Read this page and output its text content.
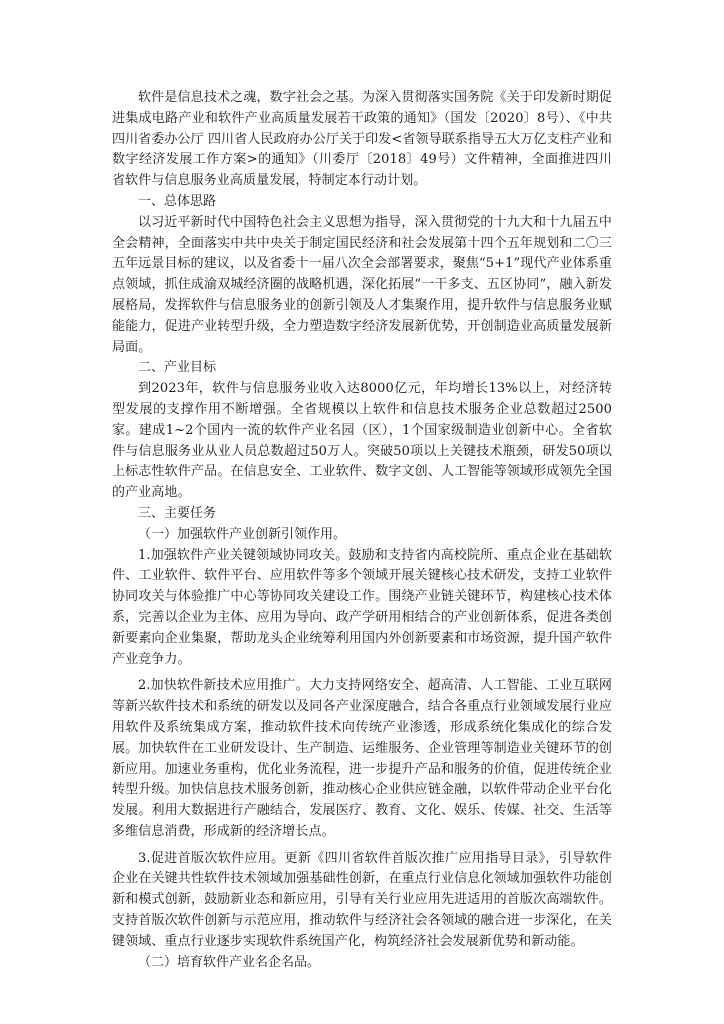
软件是信息技术之魂，数字社会之基。为深入贯彻落实国务院《关于印发新时期促进集成电路产业和软件产业高质量发展若干政策的通知》（国发〔2020〕8号）、《中共四川省委办公厅 四川省人民政府办公厅关于印发<省领导联系指导五大万亿支柱产业和数字经济发展工作方案>的通知》（川委厅〔2018〕49号）文件精神，全面推进四川省软件与信息服务业高质量发展，特制定本行动计划。

一、总体思路

以习近平新时代中国特色社会主义思想为指导，深入贯彻党的十九大和十九届五中全会精神，全面落实中共中央关于制定国民经济和社会发展第十四个五年规划和二〇三五年远景目标的建议，以及省委十一届八次全会部署要求，聚焦“5+1”现代产业体系重点领域，抓住成渝双城经济圈的战略机遇，深化拓展“一干多支、五区协同”，融入新发展格局，发挥软件与信息服务业的创新引领及人才集聚作用，提升软件与信息服务业赋能能力，促进产业转型升级，全力塑造数字经济发展新优势，开创制造业高质量发展新局面。

二、产业目标

到2023年，软件与信息服务业收入达8000亿元，年均增长13%以上，对经济转型发展的支撑作用不断增强。全省规模以上软件和信息技术服务企业总数超过2500家。建成1~2个国内一流的软件产业名园（区），1个国家级制造业创新中心。全省软件与信息服务业从业人员总数超过50万人。突破50项以上关键技术瓶颈，研发50项以上标志性软件产品。在信息安全、工业软件、数字文创、人工智能等领域形成领先全国的产业高地。

三、主要任务

（一）加强软件产业创新引领作用。

1.加强软件产业关键领域协同攻关。鼓励和支持省内高校院所、重点企业在基础软件、工业软件、软件平台、应用软件等多个领域开展关键核心技术研发，支持工业软件协同攻关与体验推广中心等协同攻关建设工作。围绕产业链关键环节，构建核心技术体系，完善以企业为主体、应用为导向、政产学研用相结合的产业创新体系，促进各类创新要素向企业集聚，帮助龙头企业统筹利用国内外创新要素和市场资源，提升国产软件产业竞争力。

2.加快软件新技术应用推广。大力支持网络安全、超高清、人工智能、工业互联网等新兴软件技术和系统的研发以及同各产业深度融合，结合各重点行业领域发展行业应用软件及系统集成方案，推动软件技术向传统产业渗透，形成系统化集成化的综合发展。加快软件在工业研发设计、生产制造、运维服务、企业管理等制造业关键环节的创新应用。加速业务重构，优化业务流程，进一步提升产品和服务的价值，促进传统企业转型升级。加快信息技术服务创新，推动核心企业供应链金融，以软件带动企业平台化发展。利用大数据进行产融结合，发展医疗、教育、文化、娱乐、传媒、社交、生活等多维信息消费，形成新的经济增长点。

3.促进首版次软件应用。更新《四川省软件首版次推广应用指导目录》，引导软件企业在关键共性软件技术领域加强基础性创新，在重点行业信息化领域加强软件功能创新和模式创新，鼓励新业态和新应用，引导有关行业应用先进适用的首版次高端软件。支持首版次软件创新与示范应用，推动软件与经济社会各领域的融合进一步深化，在关键领域、重点行业逐步实现软件系统国产化，构筑经济社会发展新优势和新动能。

（二）培育软件产业名企名品。
